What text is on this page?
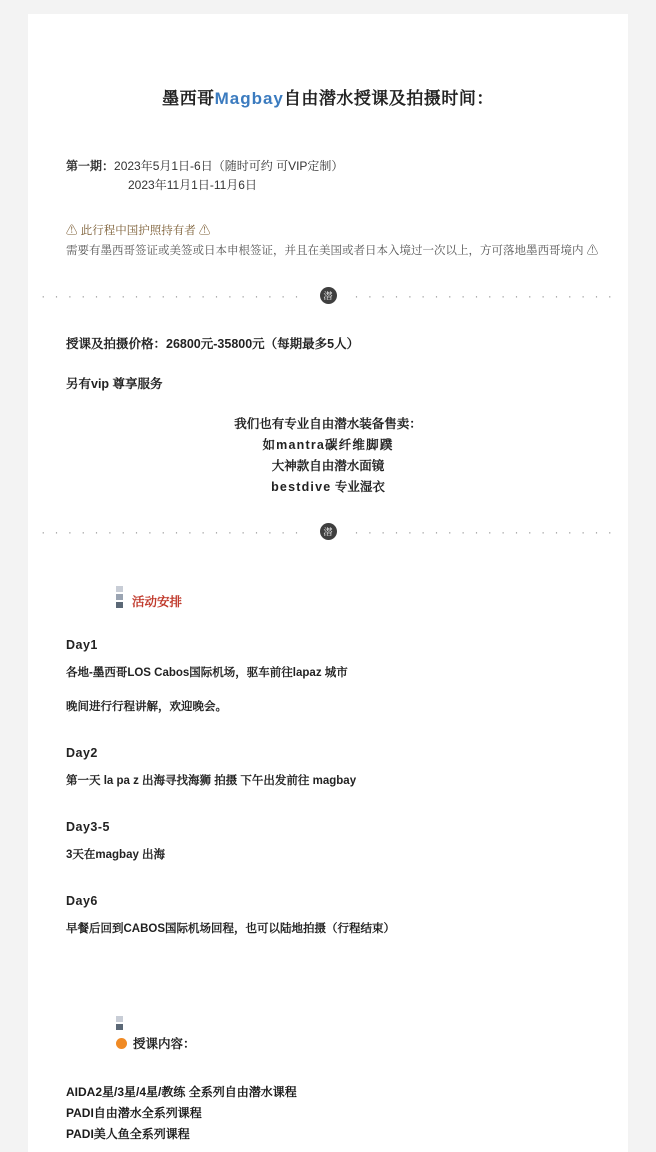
墨西哥Magbay自由潜水授课及拍摄时间：
第一期：2023年5月1日-6日（随时可约 可VIP定制）
2023年11月1日-11月6日
⚠ 此行程中国护照持有者 ⚠
需要有墨西哥签证或美签或日本申根签证，并且在美国或者日本入境过一次以上，方可落地墨西哥境内 ⚠
· · · · · · · · · · · · · · · · · · · ·	潜	· · · · · · · · · · · · · · · · · · · ·
授课及拍摄价格：26800元-35800元（每期最多5人）
另有vip 尊享服务
我们也有专业自由潜水装备售卖：
如mantra碳纤维脚蹼
大神款自由潜水面镜
bestdive 专业湿衣
· · · · · · · · · · · · · · · · · · · ·	潜	· · · · · · · · · · · · · · · · · · · ·
活动安排
Day1
各地-墨西哥LOS Cabos国际机场，驱车前往lapaz 城市
晚间进行行程讲解，欢迎晚会。
Day2
第一天 la pa z 出海寻找海狮 拍摄 下午出发前往 magbay
Day3-5
3天在magbay 出海
Day6
早餐后回到CABOS国际机场回程，也可以陆地拍摄（行程结束）
授课内容：
AIDA2星/3星/4星/教练 全系列自由潜水课程
PADI自由潜水全系列课程
PADI美人鱼全系列课程
